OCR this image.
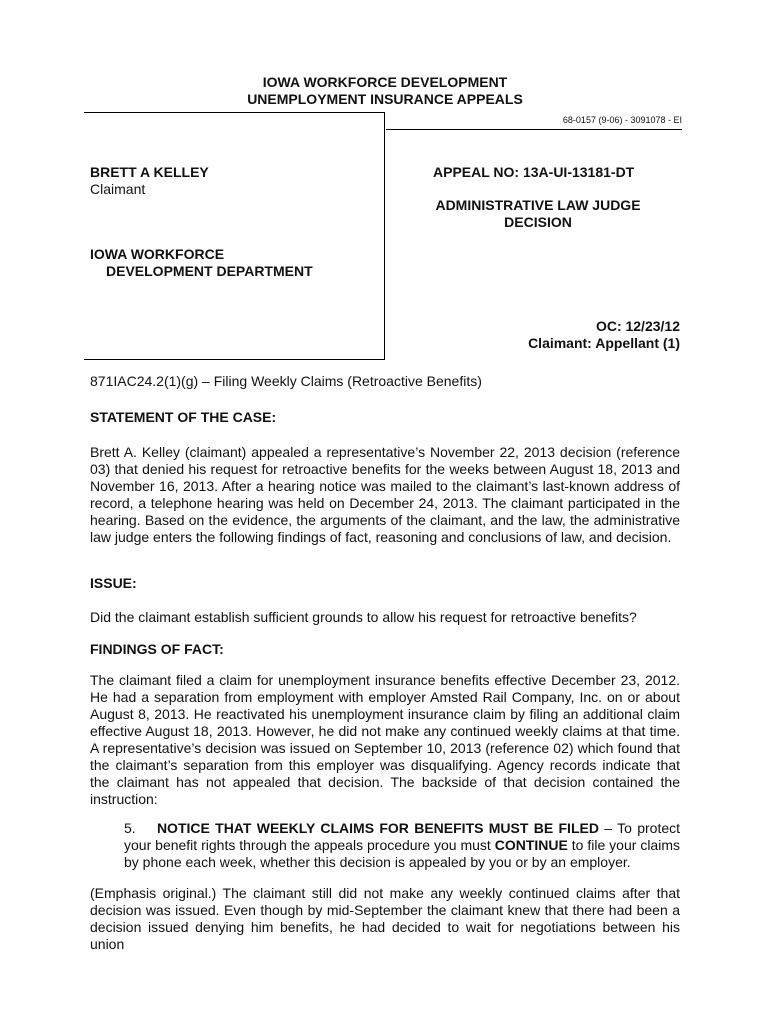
IOWA WORKFORCE DEVELOPMENT
UNEMPLOYMENT INSURANCE APPEALS
68-0157 (9-06) - 3091078 - EI
BRETT A KELLEY
Claimant
IOWA WORKFORCE
DEVELOPMENT DEPARTMENT
APPEAL NO: 13A-UI-13181-DT
ADMINISTRATIVE LAW JUDGE
DECISION
OC: 12/23/12
Claimant: Appellant (1)
871IAC24.2(1)(g) – Filing Weekly Claims (Retroactive Benefits)
STATEMENT OF THE CASE:
Brett A. Kelley (claimant) appealed a representative’s November 22, 2013 decision (reference 03) that denied his request for retroactive benefits for the weeks between August 18, 2013 and November 16, 2013. After a hearing notice was mailed to the claimant’s last-known address of record, a telephone hearing was held on December 24, 2013. The claimant participated in the hearing. Based on the evidence, the arguments of the claimant, and the law, the administrative law judge enters the following findings of fact, reasoning and conclusions of law, and decision.
ISSUE:
Did the claimant establish sufficient grounds to allow his request for retroactive benefits?
FINDINGS OF FACT:
The claimant filed a claim for unemployment insurance benefits effective December 23, 2012. He had a separation from employment with employer Amsted Rail Company, Inc. on or about August 8, 2013. He reactivated his unemployment insurance claim by filing an additional claim effective August 18, 2013. However, he did not make any continued weekly claims at that time. A representative’s decision was issued on September 10, 2013 (reference 02) which found that the claimant’s separation from this employer was disqualifying. Agency records indicate that the claimant has not appealed that decision. The backside of that decision contained the instruction:
5. NOTICE THAT WEEKLY CLAIMS FOR BENEFITS MUST BE FILED – To protect your benefit rights through the appeals procedure you must CONTINUE to file your claims by phone each week, whether this decision is appealed by you or by an employer.
(Emphasis original.) The claimant still did not make any weekly continued claims after that decision was issued. Even though by mid-September the claimant knew that there had been a decision issued denying him benefits, he had decided to wait for negotiations between his union
